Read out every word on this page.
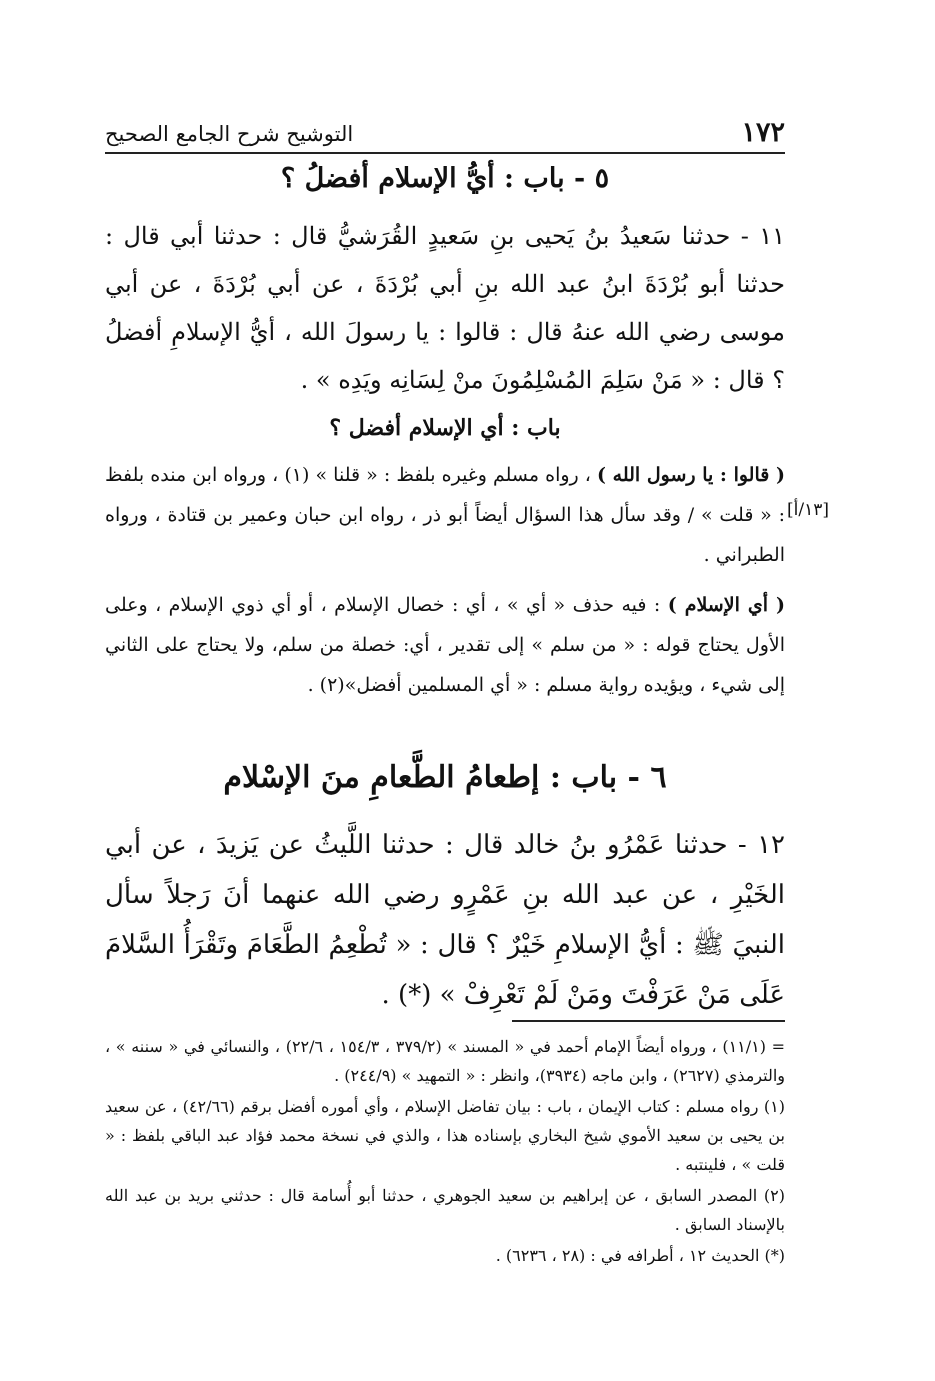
١٧٢
التوشيح شرح الجامع الصحيح
٥ - باب : أيُّ الإسلام أفضلُ ؟
١١ - حدثنا سَعيدُ بنُ يَحيى بنِ سَعيدٍ القُرَشيُّ قال : حدثنا أبي قال : حدثنا أبو بُرْدَةَ ابنُ عبد الله بنِ أبي بُرْدَةَ ، عن أبي بُرْدَةَ ، عن أبي موسى رضي الله عنهُ قال : قالوا : يا رسولَ الله ، أيُّ الإسلامِ أفضلُ ؟ قال : « مَنْ سَلِمَ المُسْلِمُونَ منْ لِسَانِه ويَدِه » .
باب : أي الإسلام أفضل ؟
( قالوا : يا رسول الله ) ، رواه مسلم وغيره بلفظ : « قلنا » (١) ، ورواه ابن منده بلفظ : « قلت » / وقد سأل هذا السؤال أيضاً أبو ذر ، رواه ابن حبان وعمير بن قتادة ، ورواه الطبراني .
[١٣/أ]
( أي الإسلام ) : فيه حذف « أي » ، أي : خصال الإسلام ، أو أي ذوي الإسلام ، وعلى الأول يحتاج قوله : « من سلم » إلى تقدير ، أي: خصلة من سلم، ولا يحتاج على الثاني إلى شيء ، ويؤيده رواية مسلم : « أي المسلمين أفضل»(٢) .
٦ - باب : إطعامُ الطَّعامِ منَ الإسْلام
١٢ - حدثنا عَمْرُو بنُ خالد قال : حدثنا اللَّيثُ عن يَزيدَ ، عن أبي الخَيْرِ ، عن عبد الله بنِ عَمْرٍو رضي الله عنهما أنَ رَجلاً سأل النبيَ ﷺ : أيُّ الإسلامِ خَيْرٌ ؟ قال : « تُطْعِمُ الطَّعَامَ وتَقْرَأُ السَّلامَ عَلَى مَنْ عَرَفْتَ ومَنْ لَمْ تَعْرِفْ » (*) .

= (١١/١) ، ورواه أيضاً الإمام أحمد في « المسند » (٣٧٩/٢ ، ١٥٤/٣ ، ٢٢/٦) ، والنسائي في « سننه » ، والترمذي (٢٦٢٧) ، وابن ماجه (٣٩٣٤)، وانظر : « التمهيد » (٢٤٤/٩) .

(١) رواه مسلم : كتاب الإيمان ، باب : بيان تفاضل الإسلام ، وأي أموره أفضل برقم (٤٢/٦٦) ، عن سعيد بن يحيى بن سعيد الأموي شيخ البخاري بإسناده هذا ، والذي في نسخة محمد فؤاد عبد الباقي بلفظ : « قلت » ، فلينتبه .

(٢) المصدر السابق ، عن إبراهيم بن سعيد الجوهري ، حدثنا أبو أُسامة قال : حدثني بريد بن عبد الله بالإسناد السابق .

(*) الحديث ١٢ ، أطرافه في : (٢٨ ، ٦٢٣٦) .
